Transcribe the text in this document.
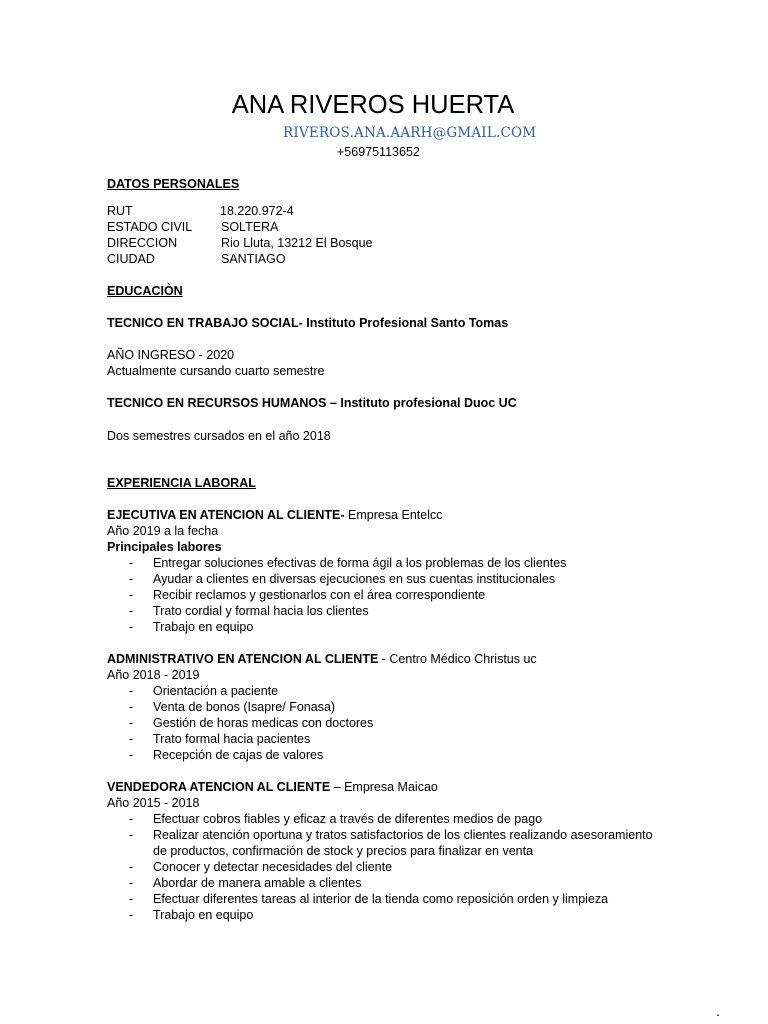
ANA RIVEROS HUERTA
RIVEROS.ANA.AARH@GMAIL.COM
+56975113652
DATOS PERSONALES
RUT	18.220.972-4
ESTADO CIVIL SOLTERA
DIRECCION	Rio Lluta, 13212 El Bosque
CIUDAD	SANTIAGO
EDUCACIÒN
TECNICO EN TRABAJO SOCIAL- Instituto Profesional Santo Tomas
AÑO INGRESO - 2020
Actualmente cursando cuarto semestre
TECNICO EN RECURSOS HUMANOS – Instituto profesional Duoc UC
Dos semestres cursados en el año 2018
EXPERIENCIA LABORAL
EJECUTIVA EN ATENCION AL CLIENTE- Empresa Entelcc
Año 2019 a la fecha
Principales labores
- Entregar soluciones efectivas de forma ágil a los problemas de los clientes
- Ayudar a clientes en diversas ejecuciones en sus cuentas institucionales
- Recibir reclamos y gestionarlos con el área correspondiente
- Trato cordial y formal hacia los clientes
- Trabajo en equipo
ADMINISTRATIVO EN ATENCION AL CLIENTE - Centro Médico Christus uc
Año 2018 - 2019
- Orientación a paciente
- Venta de bonos (Isapre/ Fonasa)
- Gestión de horas medicas con doctores
- Trato formal hacia pacientes
- Recepción de cajas de valores
VENDEDORA ATENCION AL CLIENTE – Empresa Maicao
Año 2015 - 2018
- Efectuar cobros fiables y eficaz a través de diferentes medios de pago
- Realizar atención oportuna y tratos satisfactorios de los clientes realizando asesoramiento
de productos, confirmación de stock y precios para finalizar en venta
- Conocer y detectar necesidades del cliente
- Abordar de manera amable a clientes
- Efectuar diferentes tareas al interior de la tienda como reposición orden y limpieza
- Trabajo en equipo
.
